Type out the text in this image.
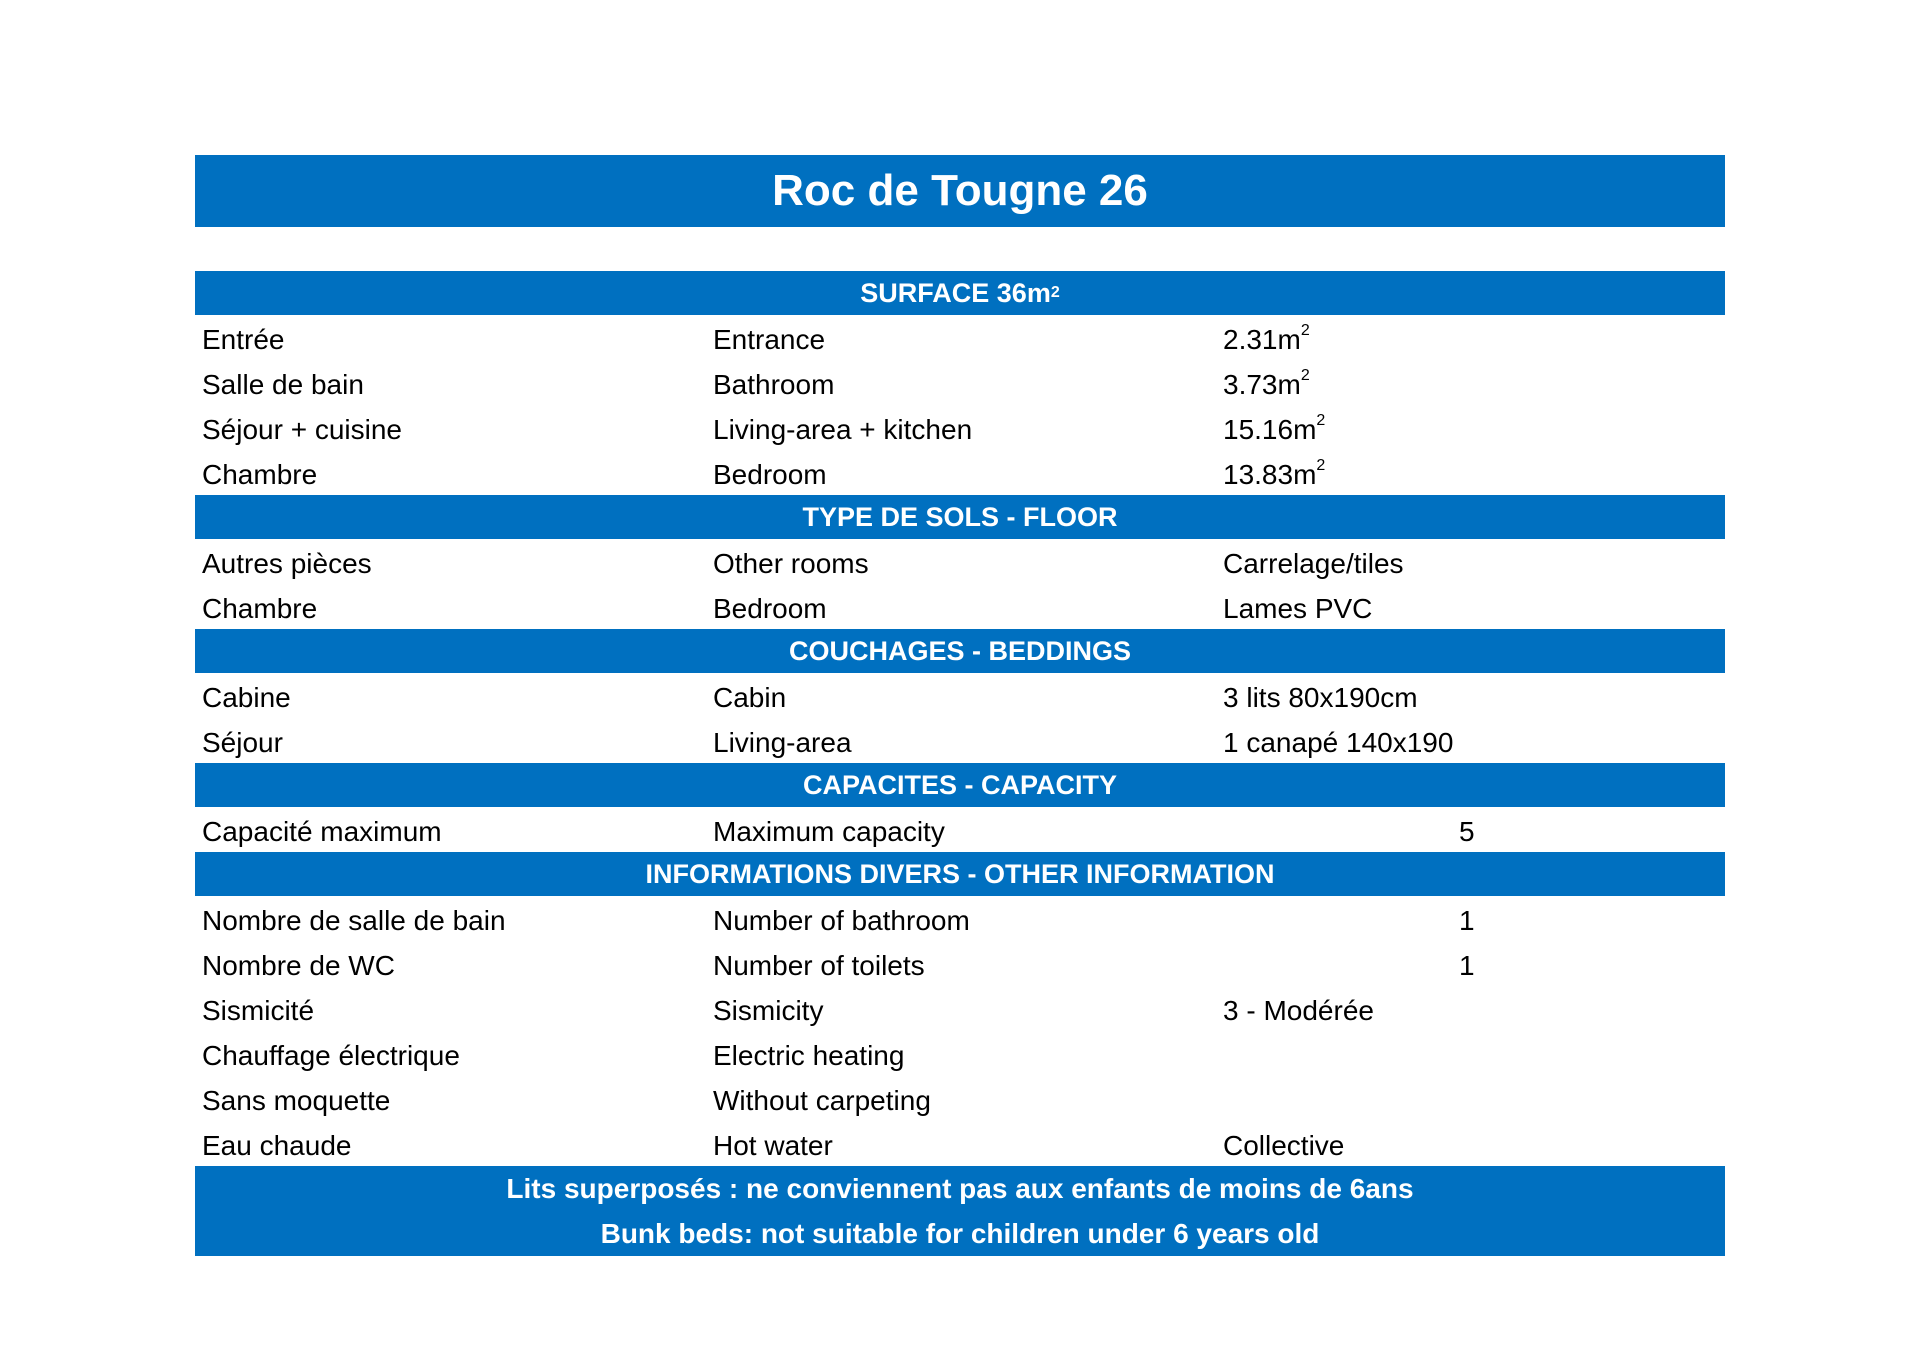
Roc de Tougne 26
SURFACE 36m 2
Entrée	Entrance	$2.31m^2$
Salle de bain	Bathroom	$3.73m^2$
Séjour + cuisine	Living-area + kitchen	$15.16m^2$
Chambre	Bedroom	$13.83m^2$
TYPE DE SOLS - FLOOR
Autres pièces	Other rooms	Carrelage/tiles
Chambre	Bedroom	Lames PVC
COUCHAGES - BEDDINGS
Cabine	Cabin	3 lits 80x190cm
Séjour	Living-area	1 canapé 140x190
CAPACITES - CAPACITY
Capacité maximum	Maximum capacity	5
INFORMATIONS DIVERS - OTHER INFORMATION
Nombre de salle de bain	Number of bathroom	1
Nombre de WC	Number of toilets	1
Sismicité	Sismicity	3 - Modérée
Chauffage électrique	Electric heating
Sans moquette	Without carpeting
Eau chaude	Hot water	Collective
Lits superposés : ne conviennent pas aux enfants de moins de 6ans
Bunk beds: not suitable for children under 6 years old
